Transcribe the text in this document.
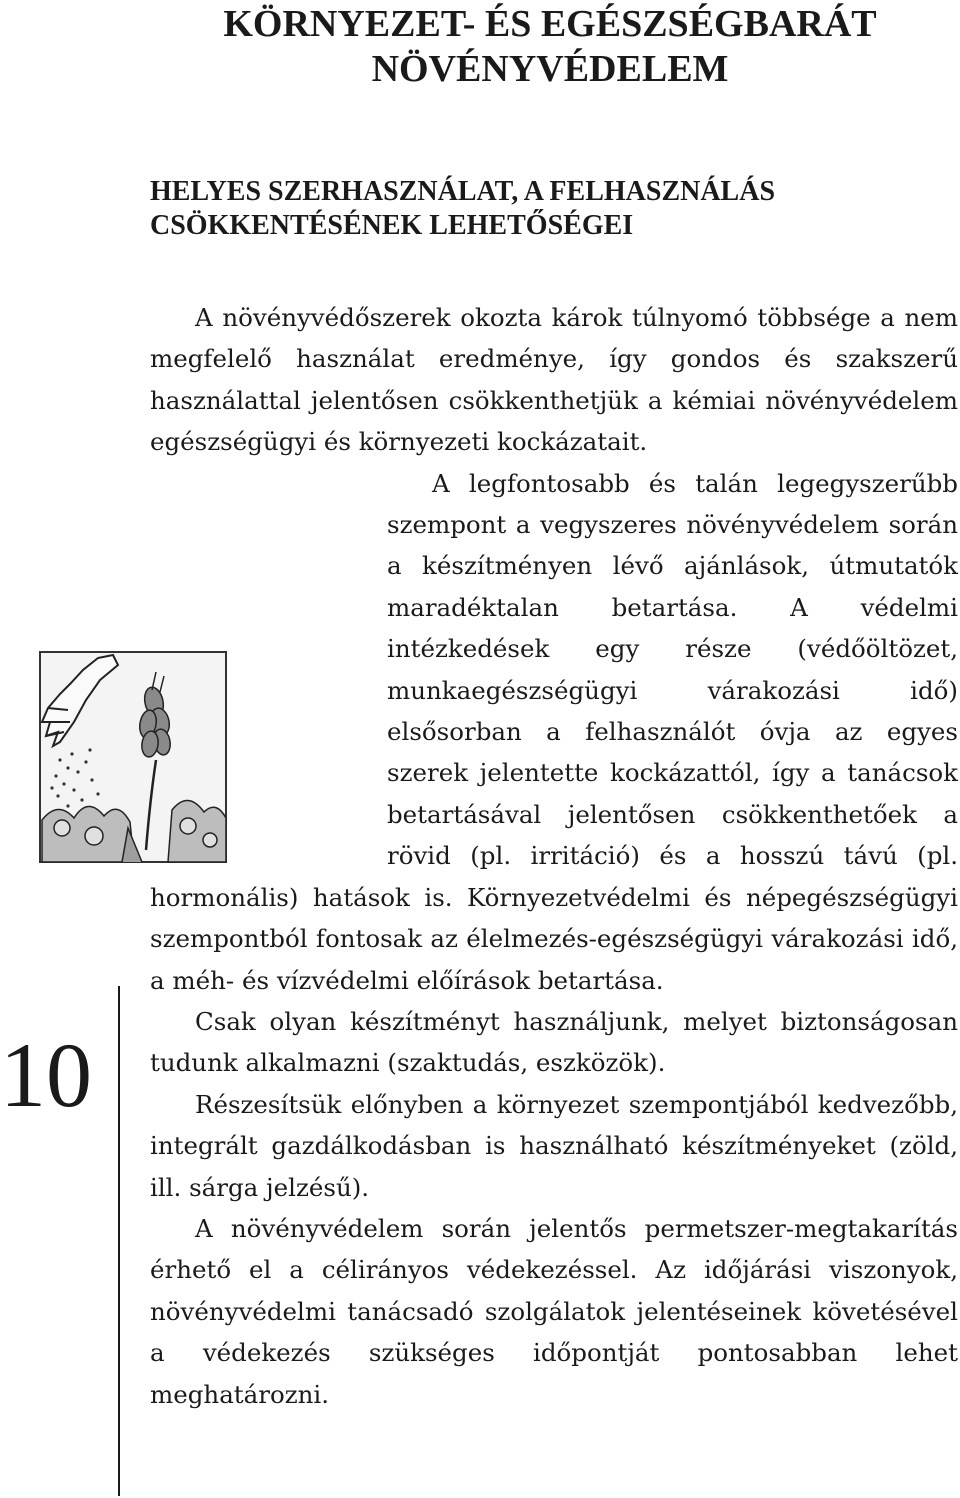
KÖRNYEZET- ÉS EGÉSZSÉGBARÁT NÖVÉNYVÉDELEM
HELYES SZERHASZNÁLAT, A FELHASZNÁLÁS CSÖKKENTÉSÉNEK LEHETŐSÉGEI

A növényvédőszerek okozta károk túlnyomó többsége a nem megfelelő használat eredménye, így gondos és szakszerű használattal jelentősen csökkenthetjük a kémiai növényvédelem egészségügyi és környezeti kockázatait.

A legfontosabb és talán legegyszerűbb szempont a vegyszeres növényvédelem során a készítményen lévő ajánlások, útmutatók maradéktalan betartása. A védelmi intézkedések egy része (védőöltözet, munkaegészségügyi várakozási idő) elsősorban a felhasználót óvja az egyes szerek jelentette kockázattól, így a tanácsok betartásával jelentősen csökkenthetőek a rövid (pl. irritáció) és a hosszú távú (pl. hormonális) hatások is. Környezetvédelmi és népegészségügyi szempontból fontosak az élelmezés-egészségügyi várakozási idő, a méh- és vízvédelmi előírások betartása.

Csak olyan készítményt használjunk, melyet biztonságosan tudunk alkalmazni (szaktudás, eszközök).

Részesítsük előnyben a környezet szempontjából kedvezőbb, integrált gazdálkodásban is használható készítményeket (zöld, ill. sárga jelzésű).

A növényvédelem során jelentős permetszer-megtakarítás érhető el a célirányos védekezéssel. Az időjárási viszonyok, növényvédelmi tanácsadó szolgálatok jelentéseinek követésével a védekezés szükséges időpontját pontosabban lehet meghatározni.

10
